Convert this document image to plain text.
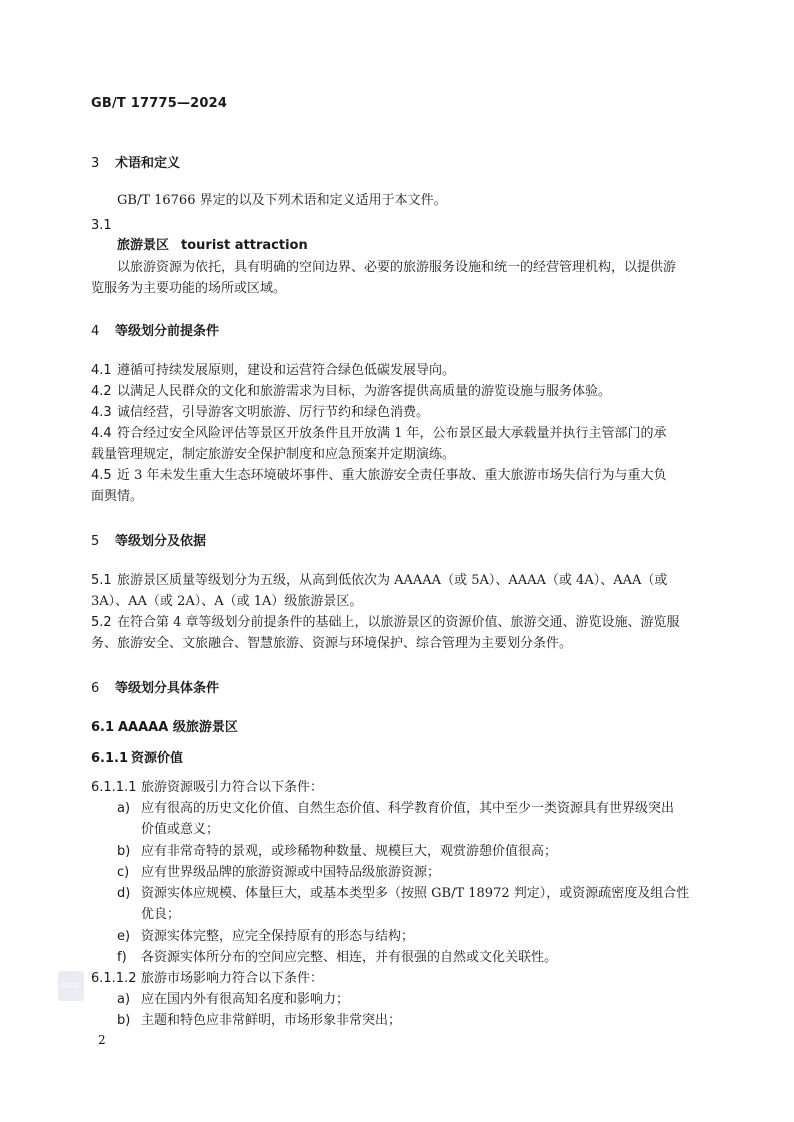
GB/T 17775—2024
3 术语和定义
GB/T 16766 界定的以及下列术语和定义适用于本文件。
3.1
旅游景区 tourist attraction
以旅游资源为依托，具有明确的空间边界、必要的旅游服务设施和统一的经营管理机构，以提供游
览服务为主要功能的场所或区域。
4 等级划分前提条件
4.1 遵循可持续发展原则，建设和运营符合绿色低碳发展导向。
4.2 以满足人民群众的文化和旅游需求为目标，为游客提供高质量的游览设施与服务体验。
4.3 诚信经营，引导游客文明旅游、厉行节约和绿色消费。
4.4 符合经过安全风险评估等景区开放条件且开放满 1 年，公布景区最大承载量并执行主管部门的承
载量管理规定，制定旅游安全保护制度和应急预案并定期演练。
4.5 近 3 年未发生重大生态环境破坏事件、重大旅游安全责任事故、重大旅游市场失信行为与重大负
面舆情。
5 等级划分及依据
5.1 旅游景区质量等级划分为五级，从高到低依次为 AAAAA（或 5A）、AAAA（或 4A）、AAA（或
3A）、AA（或 2A）、A（或 1A）级旅游景区。
5.2 在符合第 4 章等级划分前提条件的基础上，以旅游景区的资源价值、旅游交通、游览设施、游览服
务、旅游安全、文旅融合、智慧旅游、资源与环境保护、综合管理为主要划分条件。
6 等级划分具体条件
6.1 AAAAA 级旅游景区
6.1.1 资源价值
6.1.1.1 旅游资源吸引力符合以下条件：
a) 应有很高的历史文化价值、自然生态价值、科学教育价值，其中至少一类资源具有世界级突出
价值或意义；
b) 应有非常奇特的景观，或珍稀物种数量、规模巨大，观赏游憩价值很高；
c) 应有世界级品牌的旅游资源或中国特品级旅游资源；
d) 资源实体应规模、体量巨大，或基本类型多（按照 GB/T 18972 判定），或资源疏密度及组合性
优良；
e) 资源实体完整，应完全保持原有的形态与结构；
f) 各资源实体所分布的空间应完整、相连，并有很强的自然或文化关联性。
6.1.1.2 旅游市场影响力符合以下条件：
a) 应在国内外有很高知名度和影响力；
b) 主题和特色应非常鲜明，市场形象非常突出；
SDSC
2
